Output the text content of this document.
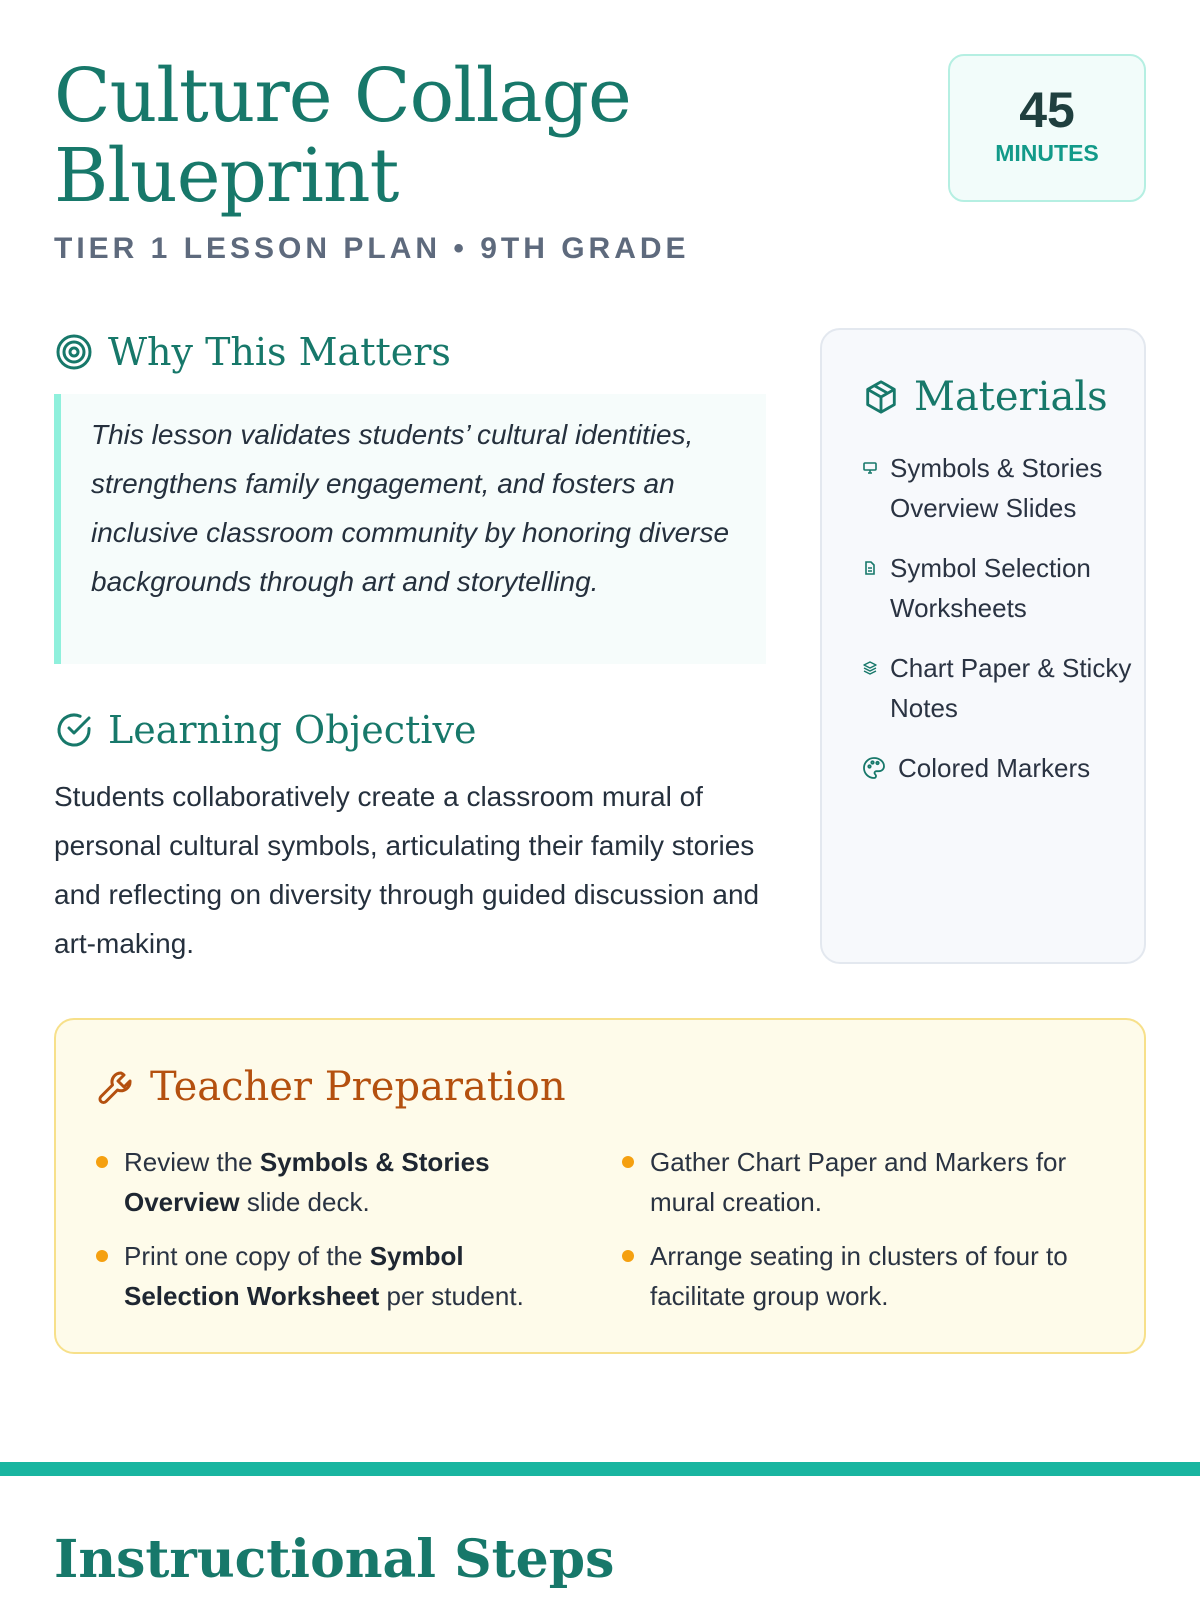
Culture Collage Blueprint
TIER 1 LESSON PLAN • 9TH GRADE
45
MINUTES
Why This Matters
This lesson validates students’ cultural identities, strengthens family engagement, and fosters an inclusive classroom community by honoring diverse backgrounds through art and storytelling.
Learning Objective
Students collaboratively create a classroom mural of personal cultural symbols, articulating their family stories and reflecting on diversity through guided discussion and art-making.
Materials
Symbols & Stories Overview Slides
Symbol Selection Worksheets
Chart Paper & Sticky Notes
Colored Markers
Teacher Preparation
Review the Symbols & Stories Overview slide deck.
Print one copy of the Symbol Selection Worksheet per student.
Gather Chart Paper and Markers for mural creation.
Arrange seating in clusters of four to facilitate group work.
Instructional Steps
